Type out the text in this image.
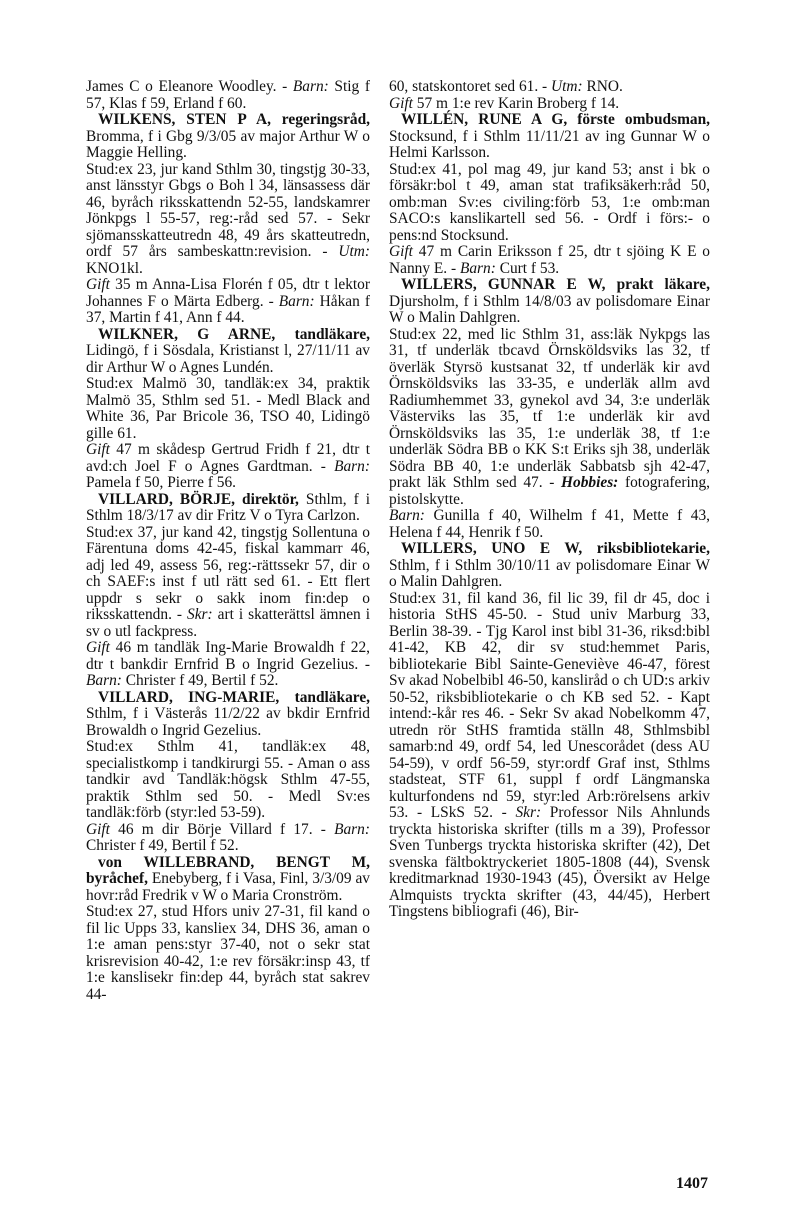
James C o Eleanore Woodley. - Barn: Stig f 57, Klas f 59, Erland f 60.

WILKENS, STEN P A, regeringsråd, Bromma, f i Gbg 9/3/05 av major Arthur W o Maggie Helling.

Stud:ex 23, jur kand Sthlm 30, tingstjg 30-33, anst länsstyr Gbgs o Boh l 34, länsassess där 46, byråch riksskattendn 52-55, landskamrer Jönkpgs l 55-57, reg:-råd sed 57. - Sekr sjömansskatteutredn 48, 49 års skatteutredn, ordf 57 års sambeskattn:revision. - Utm: KNO1kl.

Gift 35 m Anna-Lisa Florén f 05, dtr t lektor Johannes F o Märta Edberg. - Barn: Håkan f 37, Martin f 41, Ann f 44.

WILKNER, G ARNE, tandläkare, Lidingö, f i Sösdala, Kristianst l, 27/11/11 av dir Arthur W o Agnes Lundén.

Stud:ex Malmö 30, tandläk:ex 34, praktik Malmö 35, Sthlm sed 51. - Medl Black and White 36, Par Bricole 36, TSO 40, Lidingö gille 61.

Gift 47 m skådesp Gertrud Fridh f 21, dtr t avd:ch Joel F o Agnes Gardtman. - Barn: Pamela f 50, Pierre f 56.

VILLARD, BÖRJE, direktör, Sthlm, f i Sthlm 18/3/17 av dir Fritz V o Tyra Carlzon.

Stud:ex 37, jur kand 42, tingstjg Sollentuna o Färentuna doms 42-45, fiskal kammarr 46, adj led 49, assess 56, reg:-rättssekr 57, dir o ch SAEF:s inst f utl rätt sed 61. - Ett flert uppdr s sekr o sakk inom fin:dep o riksskattendn. - Skr: art i skatterättsl ämnen i sv o utl fackpress.

Gift 46 m tandläk Ing-Marie Browaldh f 22, dtr t bankdir Ernfrid B o Ingrid Gezelius. - Barn: Christer f 49, Bertil f 52.

VILLARD, ING-MARIE, tandläkare, Sthlm, f i Västerås 11/2/22 av bkdir Ernfrid Browaldh o Ingrid Gezelius.

Stud:ex Sthlm 41, tandläk:ex 48, specialistkomp i tandkirurgi 55. - Aman o ass tandkir avd Tandläk:högsk Sthlm 47-55, praktik Sthlm sed 50. - Medl Sv:es tandläk:förb (styr:led 53-59).

Gift 46 m dir Börje Villard f 17. - Barn: Christer f 49, Bertil f 52.

von WILLEBRAND, BENGT M, byråchef, Enebyberg, f i Vasa, Finl, 3/3/09 av hovr:råd Fredrik v W o Maria Cronström.

Stud:ex 27, stud Hfors univ 27-31, fil kand o fil lic Upps 33, kansliex 34, DHS 36, aman o 1:e aman pens:styr 37-40, not o sekr stat krisrevision 40-42, 1:e rev försäkr:insp 43, tf 1:e kanslisekr fin:dep 44, byråch stat sakrev 44-

60, statskontoret sed 61. - Utm: RNO.

Gift 57 m 1:e rev Karin Broberg f 14.

WILLÉN, RUNE A G, förste ombudsman, Stocksund, f i Sthlm 11/11/21 av ing Gunnar W o Helmi Karlsson.

Stud:ex 41, pol mag 49, jur kand 53; anst i bk o försäkr:bol t 49, aman stat trafiksäkerh:råd 50, omb:man Sv:es civiling:förb 53, 1:e omb:man SACO:s kanslikartell sed 56. - Ordf i förs:- o pens:nd Stocksund.

Gift 47 m Carin Eriksson f 25, dtr t sjöing K E o Nanny E. - Barn: Curt f 53.

WILLERS, GUNNAR E W, prakt läkare, Djursholm, f i Sthlm 14/8/03 av polisdomare Einar W o Malin Dahlgren.

Stud:ex 22, med lic Sthlm 31, ass:läk Nykpgs las 31, tf underläk tbcavd Örnsköldsviks las 32, tf överläk Styrsö kustsanat 32, tf underläk kir avd Örnsköldsviks las 33-35, e underläk allm avd Radiumhemmet 33, gynekol avd 34, 3:e underläk Västerviks las 35, tf 1:e underläk kir avd Örnsköldsviks las 35, 1:e underläk 38, tf 1:e underläk Södra BB o KK S:t Eriks sjh 38, underläk Södra BB 40, 1:e underläk Sabbatsb sjh 42-47, prakt läk Sthlm sed 47. - Hobbies: fotografering, pistolskytte.

Barn: Gunilla f 40, Wilhelm f 41, Mette f 43, Helena f 44, Henrik f 50.

WILLERS, UNO E W, riksbibliotekarie, Sthlm, f i Sthlm 30/10/11 av polisdomare Einar W o Malin Dahlgren.

Stud:ex 31, fil kand 36, fil lic 39, fil dr 45, doc i historia StHS 45-50. - Stud univ Marburg 33, Berlin 38-39. - Tjg Karol inst bibl 31-36, riksd:bibl 41-42, KB 42, dir sv stud:hemmet Paris, bibliotekarie Bibl Sainte-Geneviève 46-47, förest Sv akad Nobelbibl 46-50, kansliråd o ch UD:s arkiv 50-52, riksbibliotekarie o ch KB sed 52. - Kapt intend:-kår res 46. - Sekr Sv akad Nobelkomm 47, utredn rör StHS framtida ställn 48, Sthlmsbibl samarb:nd 49, ordf 54, led Unescorådet (dess AU 54-59), v ordf 56-59, styr:ordf Graf inst, Sthlms stadsteat, STF 61, suppl f ordf Längmanska kulturfondens nd 59, styr:led Arb:rörelsens arkiv 53. - LSkS 52. - Skr: Professor Nils Ahnlunds tryckta historiska skrifter (tills m a 39), Professor Sven Tunbergs tryckta historiska skrifter (42), Det svenska fältboktryckeriet 1805-1808 (44), Svensk kreditmarknad 1930-1943 (45), Översikt av Helge Almquists tryckta skrifter (43, 44/45), Herbert Tingstens bibliografi (46), Bir-

1407
